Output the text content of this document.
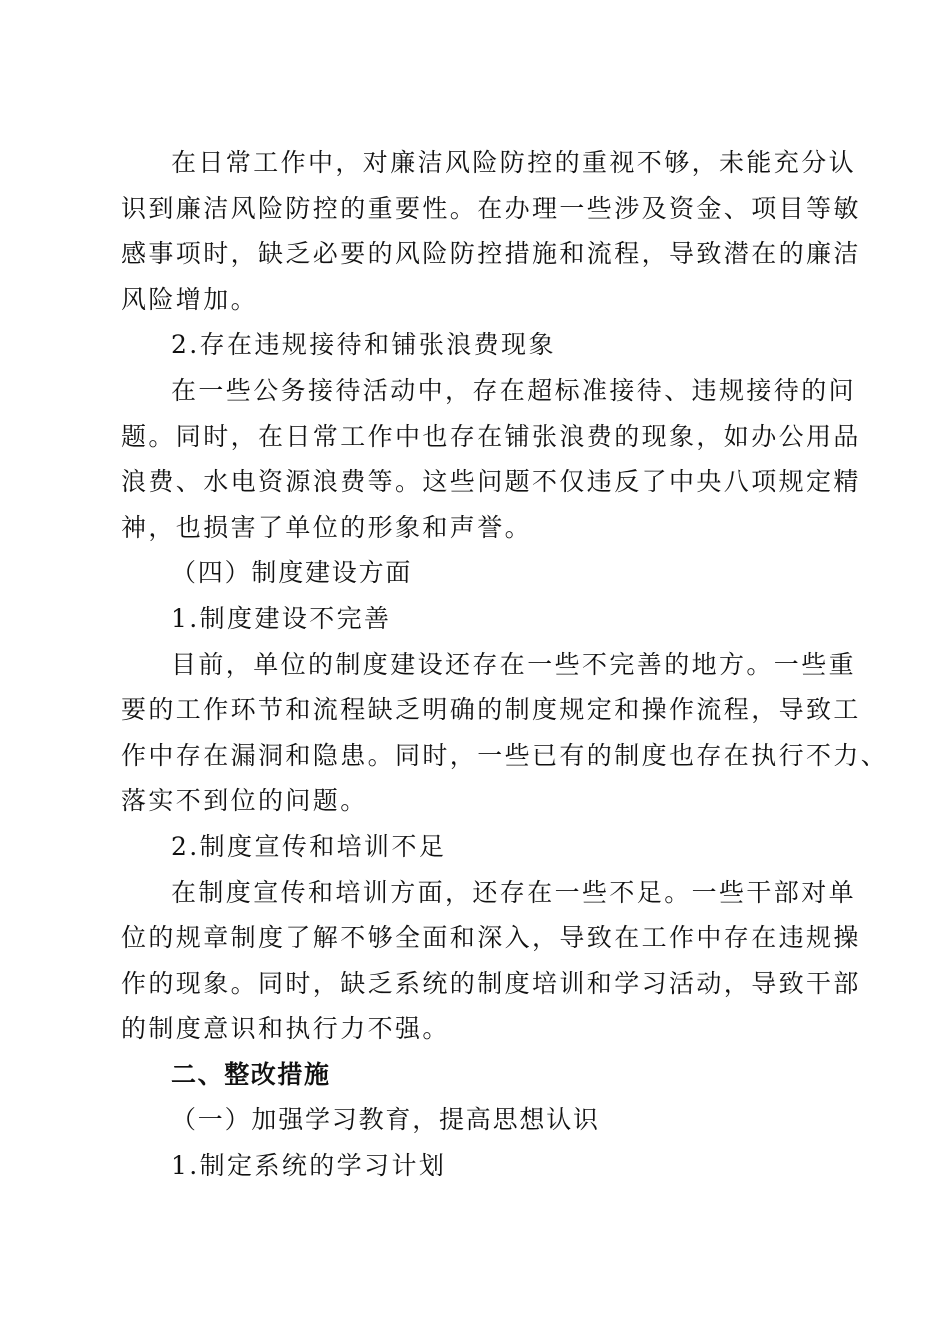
在日常工作中，对廉洁风险防控的重视不够，未能充分认
识到廉洁风险防控的重要性。在办理一些涉及资金、项目等敏
感事项时，缺乏必要的风险防控措施和流程，导致潜在的廉洁
风险增加。
2.存在违规接待和铺张浪费现象
在一些公务接待活动中，存在超标准接待、违规接待的问
题。同时，在日常工作中也存在铺张浪费的现象，如办公用品
浪费、水电资源浪费等。这些问题不仅违反了中央八项规定精
神，也损害了单位的形象和声誉。
（四）制度建设方面
1.制度建设不完善
目前，单位的制度建设还存在一些不完善的地方。一些重
要的工作环节和流程缺乏明确的制度规定和操作流程，导致工
作中存在漏洞和隐患。同时，一些已有的制度也存在执行不力、
落实不到位的问题。
2.制度宣传和培训不足
在制度宣传和培训方面，还存在一些不足。一些干部对单
位的规章制度了解不够全面和深入，导致在工作中存在违规操
作的现象。同时，缺乏系统的制度培训和学习活动，导致干部
的制度意识和执行力不强。
二、整改措施
（一）加强学习教育，提高思想认识
1.制定系统的学习计划
